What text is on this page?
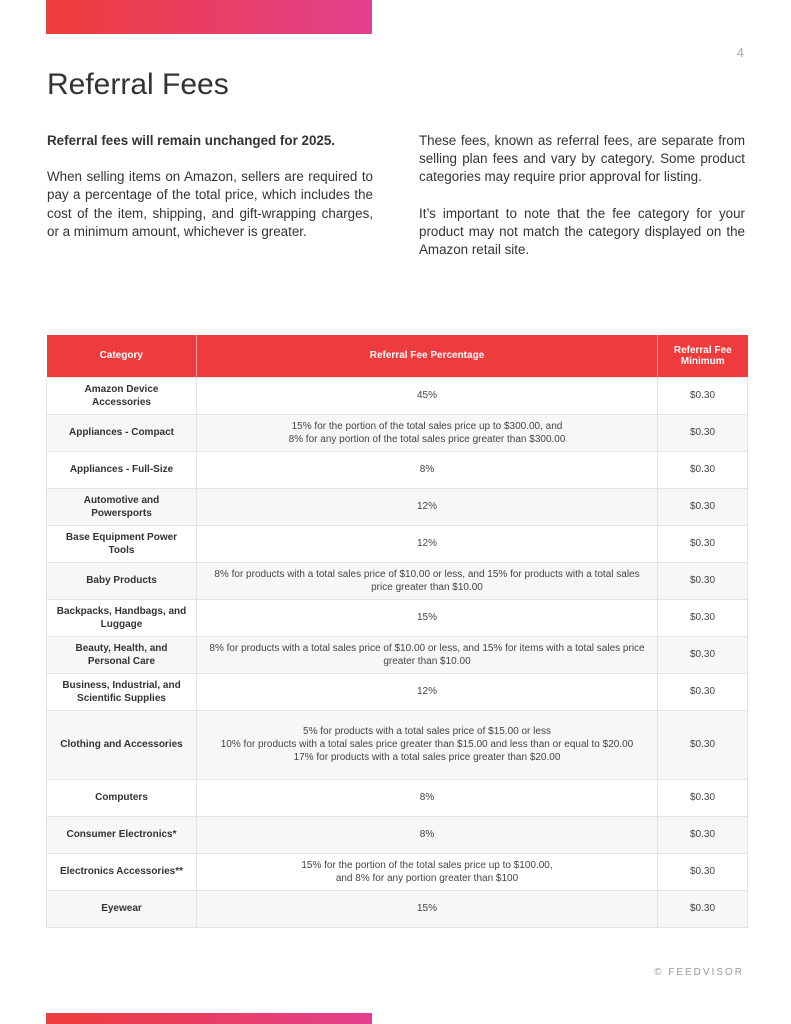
4
Referral Fees
Referral fees will remain unchanged for 2025.

When selling items on Amazon, sellers are required to pay a percentage of the total price, which includes the cost of the item, shipping, and gift-wrapping charges, or a minimum amount, whichever is greater.

These fees, known as referral fees, are separate from selling plan fees and vary by category. Some product categories may require prior approval for listing.

It’s important to note that the fee category for your product may not match the category displayed on the Amazon retail site.

Category	Referral Fee Percentage	Referral Fee Minimum
Amazon Device Accessories	45%	$0.30
Appliances - Compact	15% for the portion of the total sales price up to $300.00, and
8% for any portion of the total sales price greater than $300.00	$0.30
Appliances - Full-Size	8%	$0.30
Automotive and Powersports	12%	$0.30
Base Equipment Power Tools	12%	$0.30
Baby Products	8% for products with a total sales price of $10.00 or less, and 15% for products with a total sales price greater than $10.00	$0.30
Backpacks, Handbags, and Luggage	15%	$0.30
Beauty, Health, and Personal Care	8% for products with a total sales price of $10.00 or less, and 15% for items with a total sales price greater than $10.00	$0.30
Business, Industrial, and Scientific Supplies	12%	$0.30
Clothing and Accessories	5% for products with a total sales price of $15.00 or less
10% for products with a total sales price greater than $15.00 and less than or equal to $20.00
17% for products with a total sales price greater than $20.00	$0.30
Computers	8%	$0.30
Consumer Electronics*	8%	$0.30
Electronics Accessories**	15% for the portion of the total sales price up to $100.00,
and 8% for any portion greater than $100	$0.30
Eyewear	15%	$0.30
© FEEDVISOR
